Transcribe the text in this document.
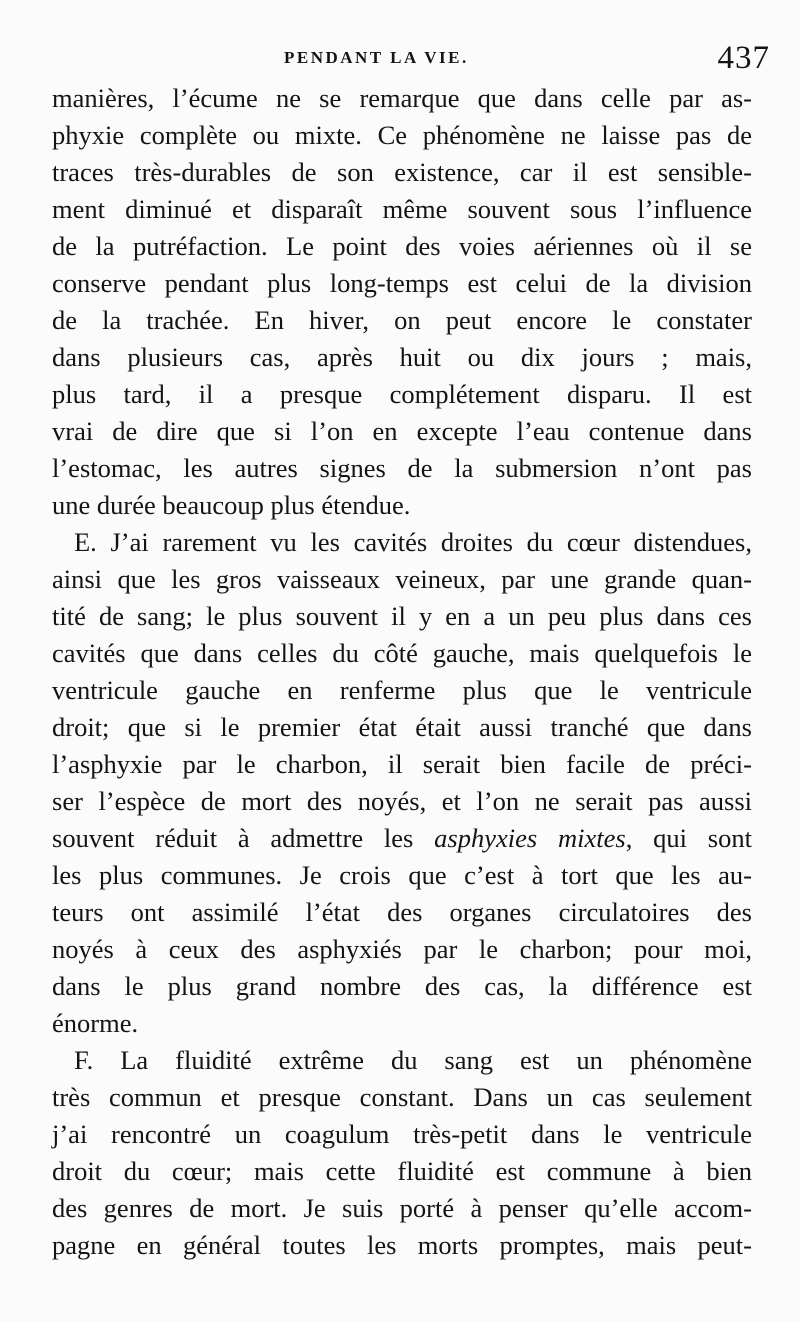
PENDANT LA VIE.	437
manières, l’écume ne se remarque que dans celle par as-
phyxie complète ou mixte. Ce phénomène ne laisse pas de
traces très-durables de son existence, car il est sensible-
ment diminué et disparaît même souvent sous l’influence
de la putréfaction. Le point des voies aériennes où il se
conserve pendant plus long-temps est celui de la division
de la trachée. En hiver, on peut encore le constater
dans plusieurs cas, après huit ou dix jours ; mais,
plus tard, il a presque complétement disparu. Il est
vrai de dire que si l’on en excepte l’eau contenue dans
l’estomac, les autres signes de la submersion n’ont pas
une durée beaucoup plus étendue.
E. J’ai rarement vu les cavités droites du cœur distendues,
ainsi que les gros vaisseaux veineux, par une grande quan-
tité de sang; le plus souvent il y en a un peu plus dans ces
cavités que dans celles du côté gauche, mais quelquefois le
ventricule gauche en renferme plus que le ventricule
droit; que si le premier état était aussi tranché que dans
l’asphyxie par le charbon, il serait bien facile de préci-
ser l’espèce de mort des noyés, et l’on ne serait pas aussi
souvent réduit à admettre les asphyxies mixtes, qui sont
les plus communes. Je crois que c’est à tort que les au-
teurs ont assimilé l’état des organes circulatoires des
noyés à ceux des asphyxiés par le charbon; pour moi,
dans le plus grand nombre des cas, la différence est
énorme.
F. La fluidité extrême du sang est un phénomène
très commun et presque constant. Dans un cas seulement
j’ai rencontré un coagulum très-petit dans le ventricule
droit du cœur; mais cette fluidité est commune à bien
des genres de mort. Je suis porté à penser qu’elle accom-
pagne en général toutes les morts promptes, mais peut-
